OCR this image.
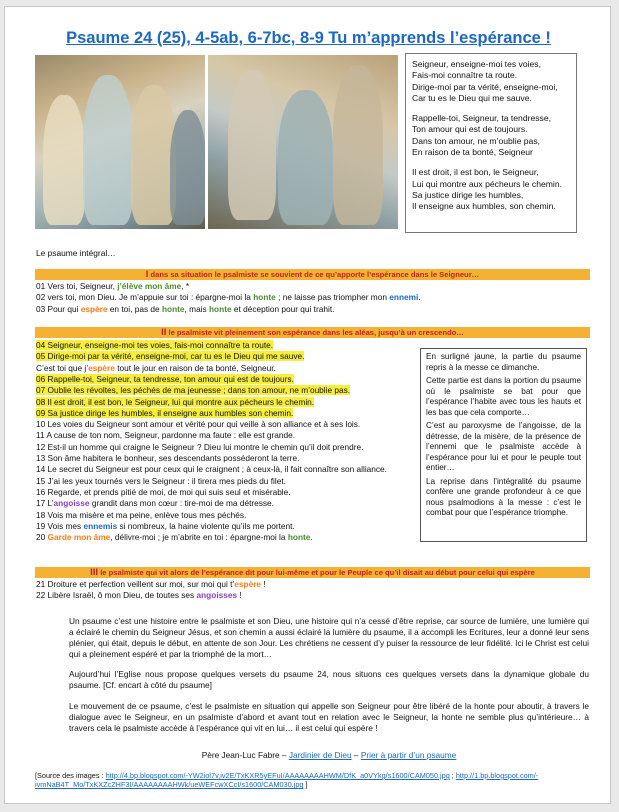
Psaume 24 (25), 4-5ab, 6-7bc, 8-9 Tu m’apprends l’espérance !

Seigneur, enseigne-moi tes voies,
Fais-moi connaître ta route.
Dirige-moi par ta vérité, enseigne-moi,
Car tu es le Dieu qui me sauve.

Rappelle-toi, Seigneur, ta tendresse,
Ton amour qui est de toujours.
Dans ton amour, ne m’oublie pas,
En raison de ta bonté, Seigneur

Il est droit, il est bon, le Seigneur,
Lui qui montre aux pécheurs le chemin.
Sa justice dirige les humbles,
Il enseigne aux humbles, son chemin.

Le psaume intégral…
I dans sa situation le psalmiste se souvient de ce qu’apporte l’espérance dans le Seigneur…
01 Vers toi, Seigneur, j’élève mon âme, *
02 vers toi, mon Dieu. Je m’appuie sur toi : épargne-moi la honte ; ne laisse pas triompher mon ennemi.
03 Pour qui espère en toi, pas de honte, mais honte et déception pour qui trahit.
II le psalmiste vit pleinement son espérance dans les aléas, jusqu’à un crescendo…
04 Seigneur, enseigne-moi tes voies, fais-moi connaître ta route.
05 Dirige-moi par ta vérité, enseigne-moi, car tu es le Dieu qui me sauve.
C’est toi que j’espère tout le jour en raison de ta bonté, Seigneur.
06 Rappelle-toi, Seigneur, ta tendresse, ton amour qui est de toujours.
07 Oublie les révoltes, les péchés de ma jeunesse ; dans ton amour, ne m’oublie pas.
08 Il est droit, il est bon, le Seigneur, lui qui montre aux pécheurs le chemin.
09 Sa justice dirige les humbles, il enseigne aux humbles son chemin.
10 Les voies du Seigneur sont amour et vérité pour qui veille à son alliance et à ses lois.
11 A cause de ton nom, Seigneur, pardonne ma faute : elle est grande.
12 Est-il un homme qui craigne le Seigneur ? Dieu lui montre le chemin qu’il doit prendre.
13 Son âme habitera le bonheur, ses descendants posséderont la terre.
14 Le secret du Seigneur est pour ceux qui le craignent ; à ceux-là, il fait connaître son alliance.
15 J’ai les yeux tournés vers le Seigneur : il tirera mes pieds du filet.
16 Regarde, et prends pitié de moi, de moi qui suis seul et misérable.
17 L’angoisse grandit dans mon cœur : tire-moi de ma détresse.
18 Vois ma misère et ma peine, enlève tous mes péchés.
19 Vois mes ennemis si nombreux, la haine violente qu’ils me portent.
20 Garde mon âme, délivre-moi ; je m’abrite en toi : épargne-moi la honte.

En surligné jaune, la partie du psaume repris à la messe ce dimanche.

Cette partie est dans la portion du psaume où le psalmiste se bat pour que l’espérance l’habite avec tous les hauts et les bas que cela comporte…

C’est au paroxysme de l’angoisse, de la détresse, de la misère, de la présence de l’ennemi que le psalmiste accède à l’espérance pour lui et pour le peuple tout entier…

La reprise dans l’intégralité du psaume confère une grande profondeur à ce que nous psalmodions à la messe : c’est le combat pour que l’espérance triomphe.

III le psalmiste qui vit alors de l’espérance dit pour lui-même et pour le Peuple ce qu’il disait au début pour celui qui espère
21 Droiture et perfection veillent sur moi, sur moi qui t’espère !
22 Libère Israël, ô mon Dieu, de toutes ses angoisses !

Un psaume c’est une histoire entre le psalmiste et son Dieu, une histoire qui n’a cessé d’être reprise, car source de lumière, une lumière qui a éclairé le chemin du Seigneur Jésus, et son chemin a aussi éclairé la lumière du psaume, il a accompli les Ecritures, leur a donné leur sens plénier, qui était, depuis le début, en attente de son Jour. Les chrétiens ne cessent d’y puiser la ressource de leur fidélité. Ici le Christ est celui qui a pleinement espéré et par la triomphé de la mort…

Aujourd’hui l’Eglise nous propose quelques versets du psaume 24, nous situons ces quelques versets dans la dynamique globale du psaume. [Cf. encart à côté du psaume]

Le mouvement de ce psaume, c’est le psalmiste en situation qui appelle son Seigneur pour être libéré de la honte pour aboutir, à travers le dialogue avec le Seigneur, en un psalmiste d’abord et avant tout en relation avec le Seigneur, la honte ne semble plus qu’intérieure… à travers cela le psalmiste accède à l’espérance qui vit en lui… il est celui qui espère !

Père Jean-Luc Fabre – Jardinier de Dieu – Prier à partir d’un psaume
[Source des images : http://4.bp.blogspot.com/-YW2iol7v,iv2E/TxKXR5yEFuI/AAAAAAAAHWM/DfK_a0VYkg/s1600/CAM050.jpg ; http://1.bp.blogspot.com/-ivmNaB4T_Mo/TxKXZcZHF3I/AAAAAAAAHWk/ueWEFcwXCcI/s1600/CAM030.jpg ]
